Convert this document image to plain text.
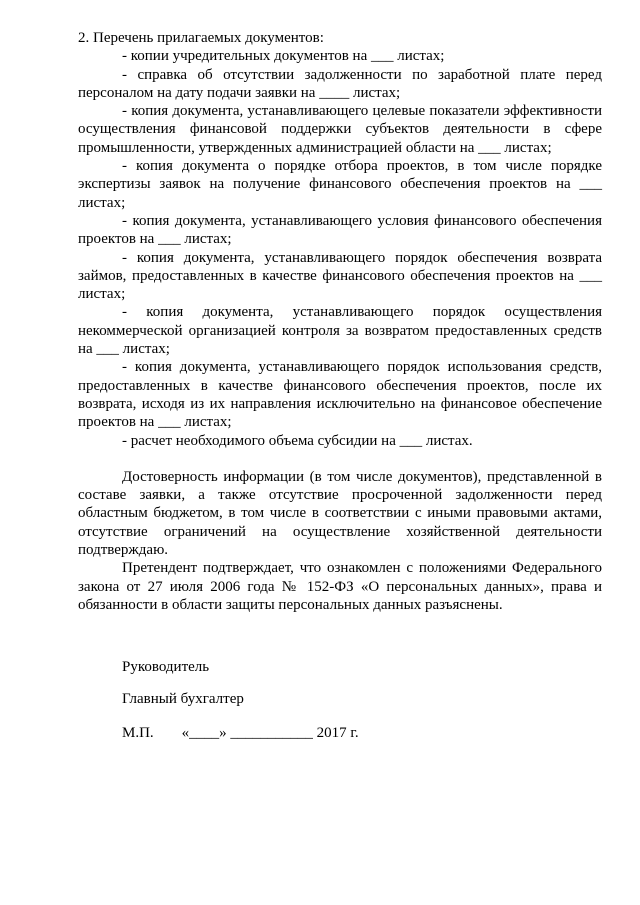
2. Перечень прилагаемых документов:

- копии учредительных документов на ___ листах;
- справка об отсутствии задолженности по заработной плате перед персоналом на дату подачи заявки на ____ листах;
- копия документа, устанавливающего целевые показатели эффективности осуществления финансовой поддержки субъектов деятельности в сфере промышленности, утвержденных администрацией области на ___ листах;
- копия документа о порядке отбора проектов, в том числе порядке экспертизы заявок на получение финансового обеспечения проектов на ___ листах;
- копия документа, устанавливающего условия финансового обеспечения проектов на ___ листах;
- копия документа, устанавливающего порядок обеспечения возврата займов, предоставленных в качестве финансового обеспечения проектов на ___ листах;
- копия документа, устанавливающего порядок осуществления некоммерческой организацией контроля за возвратом предоставленных средств на ___ листах;
- копия документа, устанавливающего порядок использования средств, предоставленных в качестве финансового обеспечения проектов, после их возврата, исходя из их направления исключительно на финансовое обеспечение проектов на ___ листах;
- расчет необходимого объема субсидии на ___ листах.

Достоверность информации (в том числе документов), представленной в составе заявки, а также отсутствие просроченной задолженности перед областным бюджетом, в том числе в соответствии с иными правовыми актами, отсутствие ограничений на осуществление хозяйственной деятельности подтверждаю.

Претендент подтверждает, что ознакомлен с положениями Федерального закона от 27 июля 2006 года № 152-ФЗ «О персональных данных», права и обязанности в области защиты персональных данных разъяснены.

Руководитель

Главный бухгалтер

М.П. «____» ___________ 2017 г.
